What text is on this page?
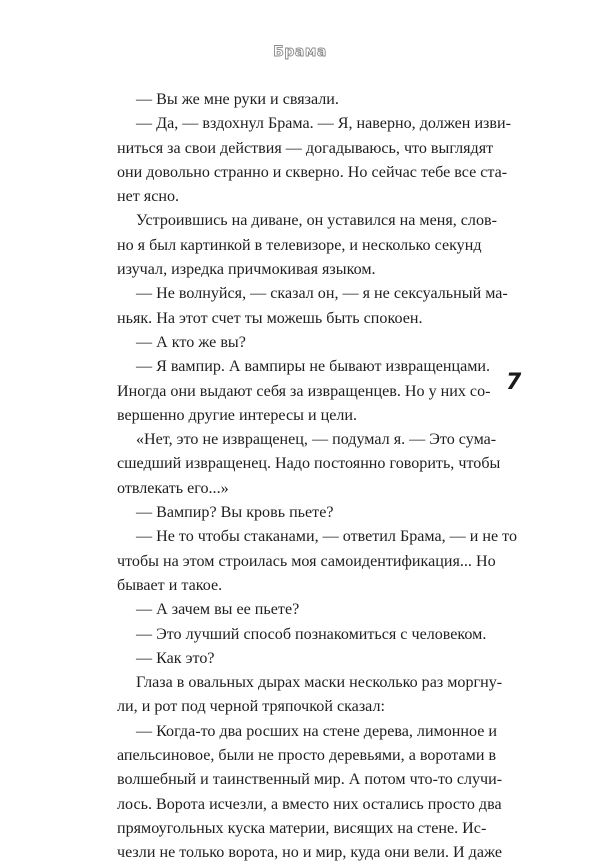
Брама

— Вы же мне руки и связали.

— Да, — вздохнул Брама. — Я, наверно, должен изви-
ниться за свои действия — догадываюсь, что выглядят
они довольно странно и скверно. Но сейчас тебе все ста-
нет ясно.

Устроившись на диване, он уставился на меня, слов-
но я был картинкой в телевизоре, и несколько секунд
изучал, изредка причмокивая языком.

— Не волнуйся, — сказал он, — я не сексуальный ма-
ньяк. На этот счет ты можешь быть спокоен.

— А кто же вы?

— Я вампир. А вампиры не бывают извращенцами.
Иногда они выдают себя за извращенцев. Но у них со-
вершенно другие интересы и цели.

«Нет, это не извращенец, — подумал я. — Это сума-
сшедший извращенец. Надо постоянно говорить, чтобы
отвлекать его...»

— Вампир? Вы кровь пьете?

— Не то чтобы стаканами, — ответил Брама, — и не то
чтобы на этом строилась моя самоидентификация... Но
бывает и такое.

— А зачем вы ее пьете?

— Это лучший способ познакомиться с человеком.

— Как это?

Глаза в овальных дырах маски несколько раз моргну-
ли, и рот под черной тряпочкой сказал:

— Когда-то два росших на стене дерева, лимонное и
апельсиновое, были не просто деревьями, а воротами в
волшебный и таинственный мир. А потом что-то случи-
лось. Ворота исчезли, а вместо них остались просто два
прямоугольных куска материи, висящих на стене. Ис-
чезли не только ворота, но и мир, куда они вели. И даже

7
